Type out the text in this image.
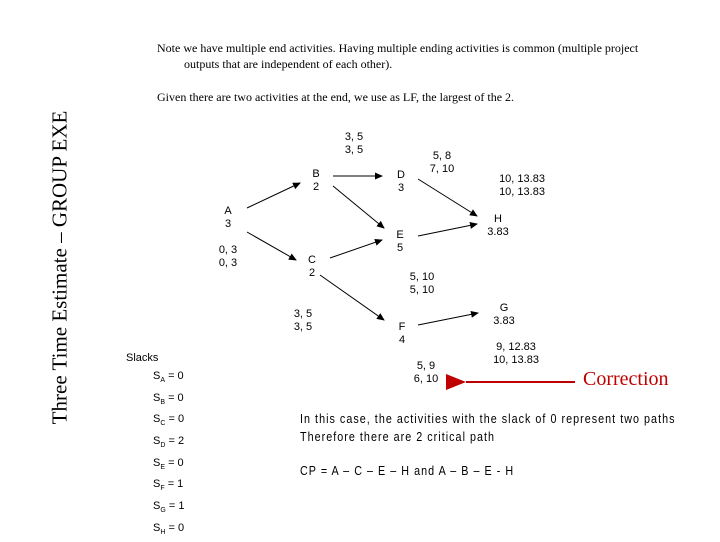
Three Time Estimate – GROUP EXE
Note we have multiple end activities. Having multiple ending activities is common (multiple project
outputs that are independent of each other).
Given there are two activities at the end, we use as LF, the largest of the 2.
A
3
B
2
C
2
D
3
E
5
F
4
G
3.83
H
3.83
0, 3
0, 3
3, 5
3, 5
3, 5
3, 5
5, 8
7, 10
5, 10
5, 10
5, 9
6, 10
9, 12.83
10, 13.83
10, 13.83
10, 13.83
Slacks
$S_A = 0$
$S_B = 0$
$S_C = 0$
$S_D = 2$
$S_E = 0$
$S_F = 1$
$S_G = 1$
$S_H = 0$
Correction
In this case, the activities with the slack of 0 represent two paths
Therefore there are 2 critical path
CP = A – C – E – H and A – B – E - H
